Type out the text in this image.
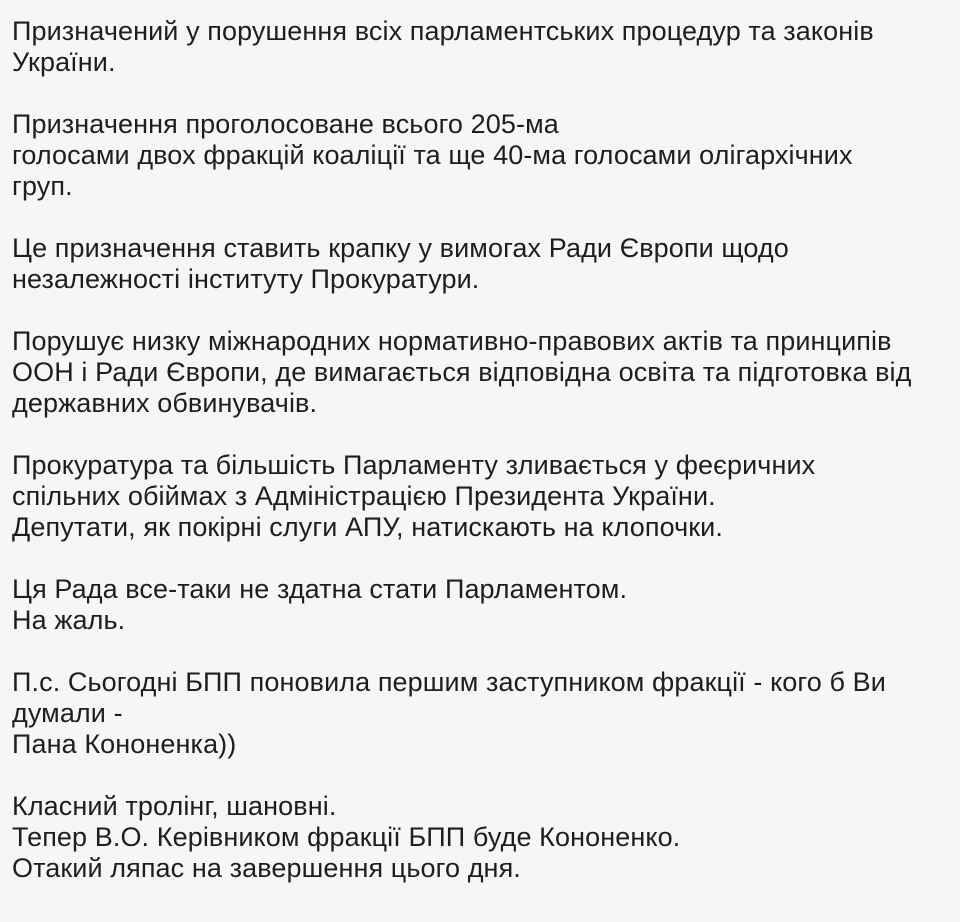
Призначений у порушення всіх парламентських процедур та законів
України.
Призначення проголосоване всього 205-ма
голосами двох фракцій коаліції та ще 40-ма голосами олігархічних
груп.
Це призначення ставить крапку у вимогах Ради Європи щодо
незалежності інституту Прокуратури.
Порушує низку міжнародних нормативно-правових актів та принципів
ООН і Ради Європи, де вимагається відповідна освіта та підготовка від
державних обвинувачів.
Прокуратура та більшість Парламенту зливається у феєричних
спільних обіймах з Адміністрацією Президента України.
Депутати, як покірні слуги АПУ, натискають на клопочки.
Ця Рада все-таки не здатна стати Парламентом.
На жаль.
П.с. Сьогодні БПП поновила першим заступником фракції - кого б Ви
думали -
Пана Кононенка))
Класний тролінг, шановні.
Тепер В.О. Керівником фракції БПП буде Кононенко.
Отакий ляпас на завершення цього дня.
